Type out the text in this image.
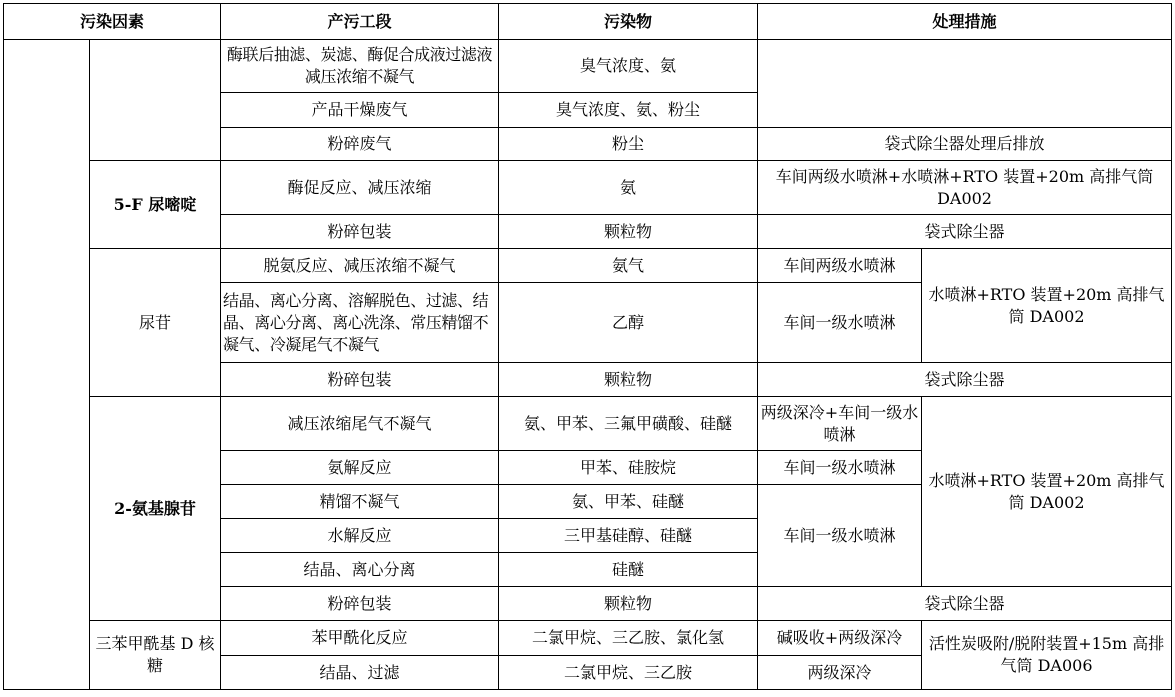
污染因素		产污工段	污染物	处理措施	
		酶联后抽滤、炭滤、酶促合成液过滤液减压浓缩不凝气	臭气浓度、氨		
		产品干燥废气	臭气浓度、氨、粉尘		
		粉碎废气	粉尘	袋式除尘器处理后排放	
	5-F 尿嘧啶	酶促反应、减压浓缩	氨	车间两级水喷淋+水喷淋+RTO 装置+20m 高排气筒 DA002	
		粉碎包装	颗粒物	袋式除尘器	
	尿苷	脱氨反应、减压浓缩不凝气	氨气	车间两级水喷淋	水喷淋+RTO 装置+20m 高排气筒 DA002
		结晶、离心分离、溶解脱色、过滤、结晶、离心分离、离心洗涤、常压精馏不凝气、冷凝尾气不凝气	乙醇	车间一级水喷淋	
		粉碎包装	颗粒物	袋式除尘器	
	2-氨基腺苷	减压浓缩尾气不凝气	氨、甲苯、三氟甲磺酸、硅醚	两级深冷+车间一级水喷淋	水喷淋+RTO 装置+20m 高排气筒 DA002
		氨解反应	甲苯、硅胺烷	车间一级水喷淋	
		精馏不凝气	氨、甲苯、硅醚	车间一级水喷淋	
		水解反应	三甲基硅醇、硅醚		
		结晶、离心分离	硅醚		
		粉碎包装	颗粒物	袋式除尘器	
	三苯甲酰基 D 核糖	苯甲酰化反应	二氯甲烷、三乙胺、氯化氢	碱吸收+两级深冷	活性炭吸附/脱附装置+15m 高排气筒 DA006
		结晶、过滤	二氯甲烷、三乙胺	两级深冷	
